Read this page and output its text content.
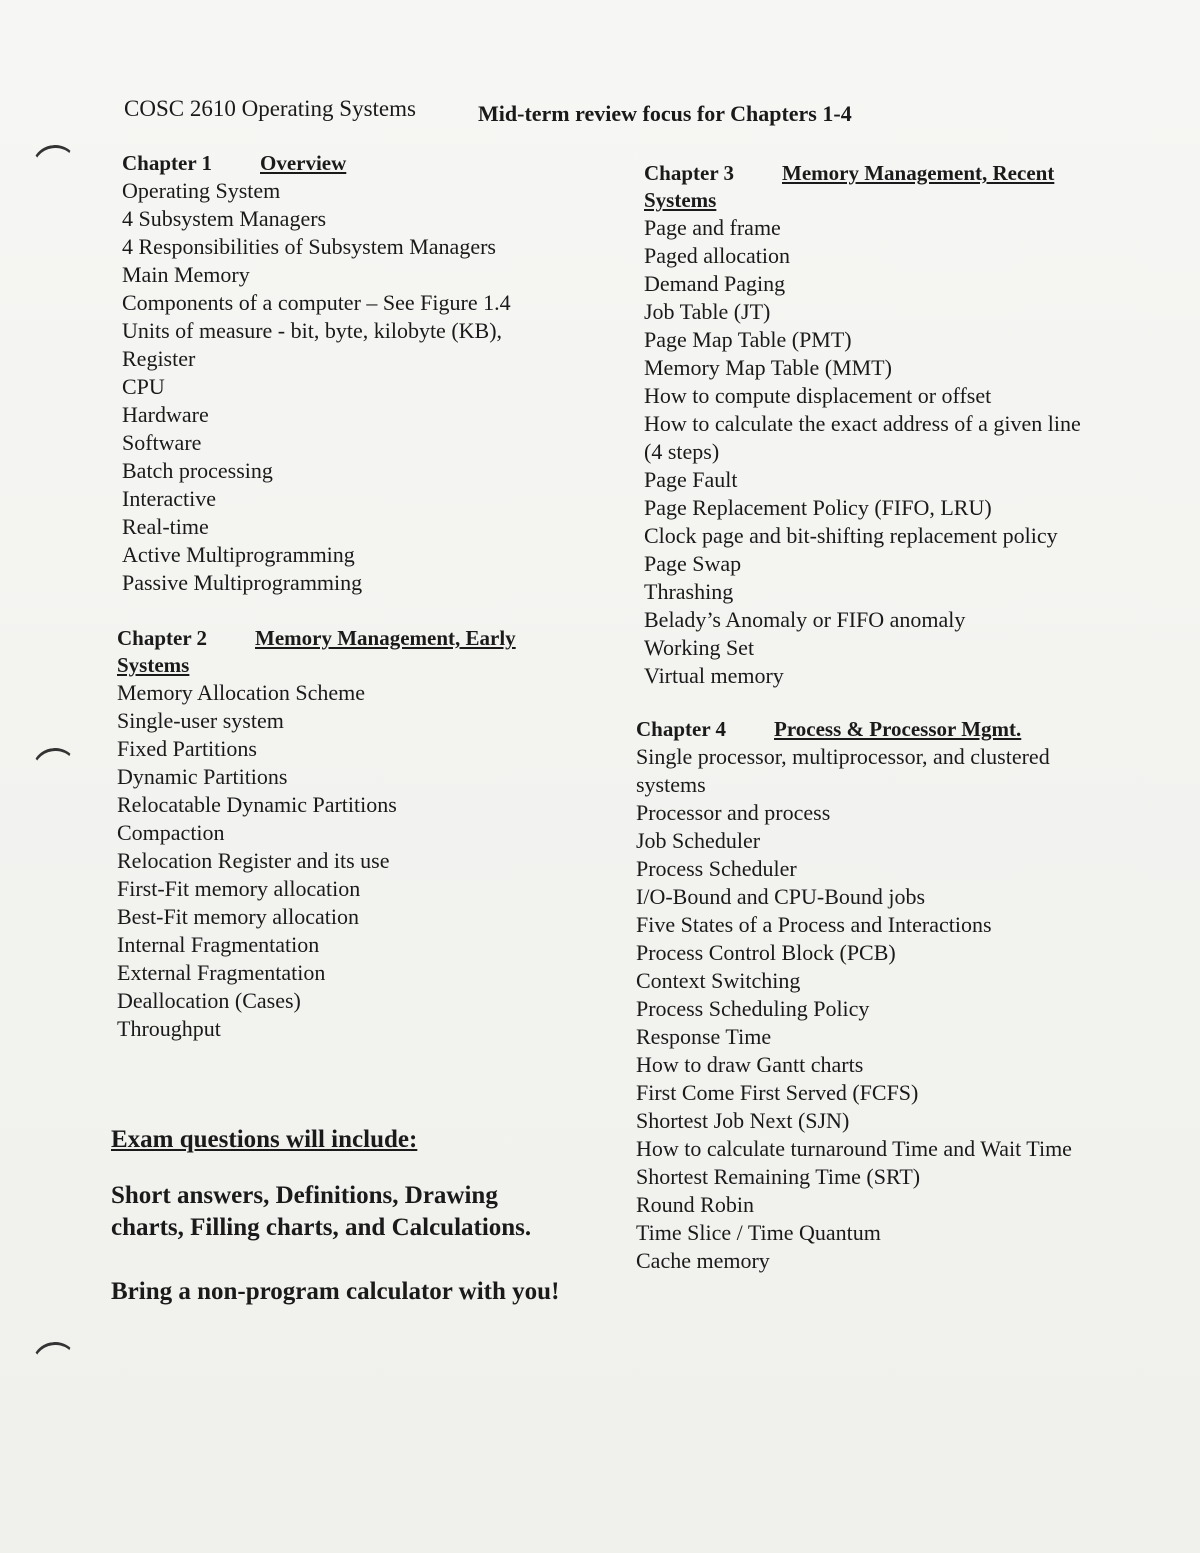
COSC 2610 Operating Systems	Mid-term review focus for Chapters 1-4
Chapter 1 Overview
Operating System
4 Subsystem Managers
4 Responsibilities of Subsystem Managers
Main Memory
Components of a computer – See Figure 1.4
Units of measure - bit, byte, kilobyte (KB),
Register
CPU
Hardware
Software
Batch processing
Interactive
Real-time
Active Multiprogramming
Passive Multiprogramming
Chapter 2 Memory Management, Early Systems
Memory Allocation Scheme
Single-user system
Fixed Partitions
Dynamic Partitions
Relocatable Dynamic Partitions
Compaction
Relocation Register and its use
First-Fit memory allocation
Best-Fit memory allocation
Internal Fragmentation
External Fragmentation
Deallocation (Cases)
Throughput
Chapter 3 Memory Management, Recent Systems
Page and frame
Paged allocation
Demand Paging
Job Table (JT)
Page Map Table (PMT)
Memory Map Table (MMT)
How to compute displacement or offset
How to calculate the exact address of a given line (4 steps)
Page Fault
Page Replacement Policy (FIFO, LRU)
Clock page and bit-shifting replacement policy
Page Swap
Thrashing
Belady’s Anomaly or FIFO anomaly
Working Set
Virtual memory
Chapter 4 Process & Processor Mgmt.
Single processor, multiprocessor, and clustered systems
Processor and process
Job Scheduler
Process Scheduler
I/O-Bound and CPU-Bound jobs
Five States of a Process and Interactions
Process Control Block (PCB)
Context Switching
Process Scheduling Policy
Response Time
How to draw Gantt charts
First Come First Served (FCFS)
Shortest Job Next (SJN)
How to calculate turnaround Time and Wait Time
Shortest Remaining Time (SRT)
Round Robin
Time Slice / Time Quantum
Cache memory
Exam questions will include:
Short answers, Definitions, Drawing charts, Filling charts, and Calculations.
Bring a non-program calculator with you!
